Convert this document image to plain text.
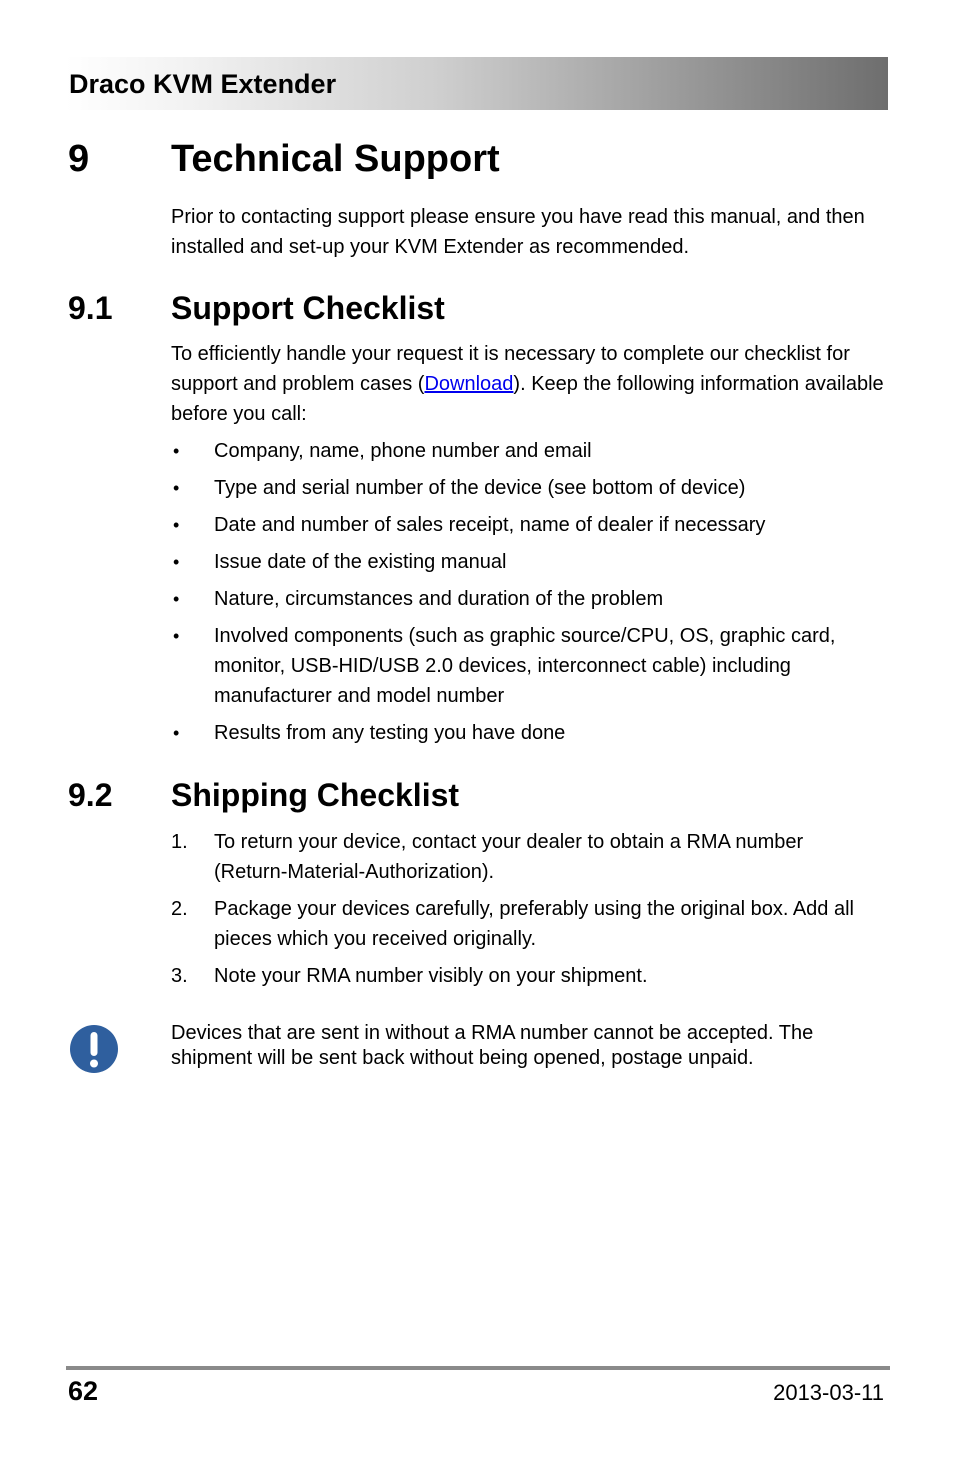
Draco KVM Extender
9 Technical Support

Prior to contacting support please ensure you have read this manual, and then installed and set-up your KVM Extender as recommended.

9.1 Support Checklist

To efficiently handle your request it is necessary to complete our checklist for support and problem cases (Download). Keep the following information available before you call:

• Company, name, phone number and email
• Type and serial number of the device (see bottom of device)
• Date and number of sales receipt, name of dealer if necessary
• Issue date of the existing manual
• Nature, circumstances and duration of the problem
• Involved components (such as graphic source/CPU, OS, graphic card, monitor, USB-HID/USB 2.0 devices, interconnect cable) including manufacturer and model number
• Results from any testing you have done
9.2 Shipping Checklist
1. To return your device, contact your dealer to obtain a RMA number (Return-Material-Authorization).
2. Package your devices carefully, preferably using the original box. Add all pieces which you received originally.
3. Note your RMA number visibly on your shipment.

Devices that are sent in without a RMA number cannot be accepted. The shipment will be sent back without being opened, postage unpaid.

62	2013-03-11
